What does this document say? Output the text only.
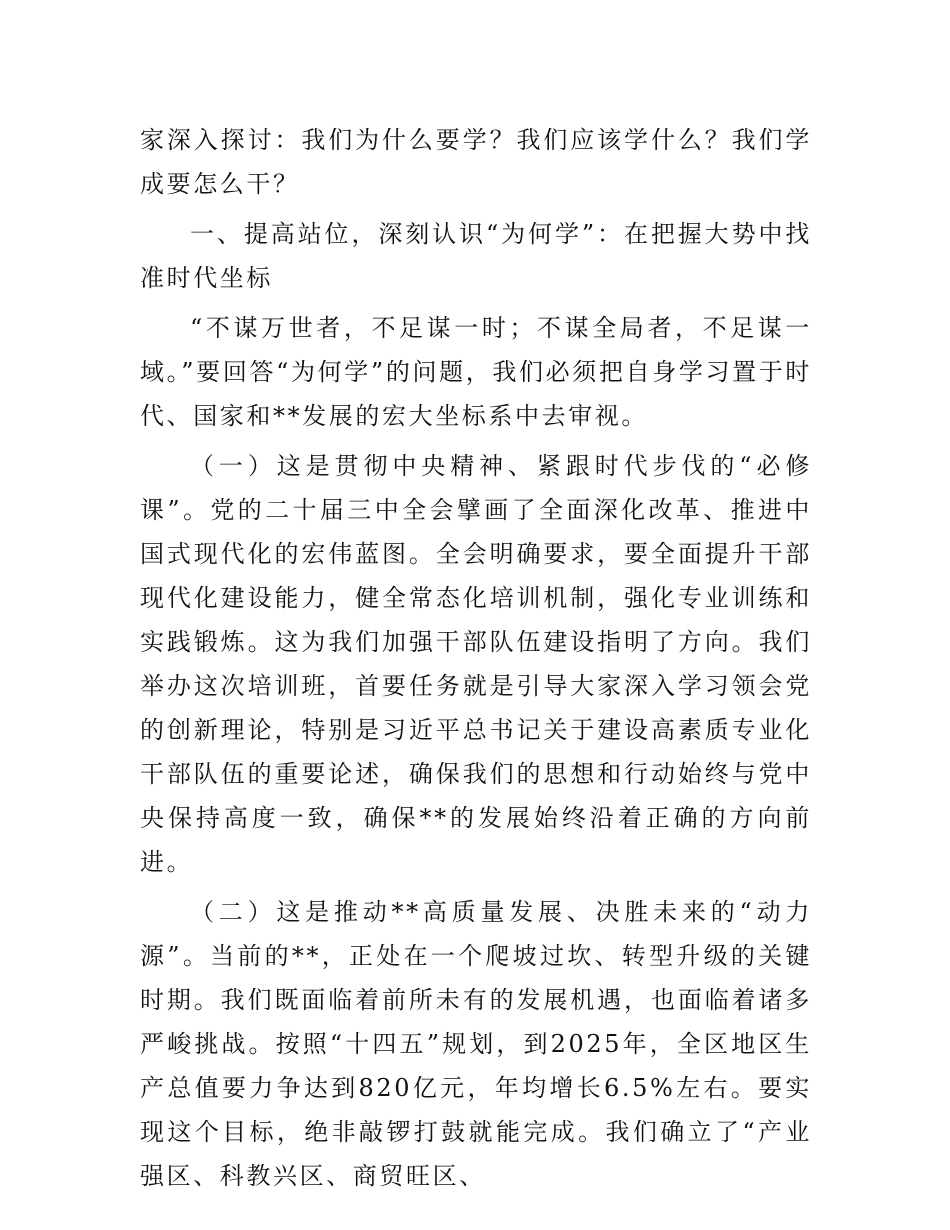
家深入探讨：我们为什么要学？我们应该学什么？我们学成要怎么干？

一、提高站位，深刻认识“为何学”：在把握大势中找准时代坐标

“不谋万世者，不足谋一时；不谋全局者，不足谋一域。”要回答“为何学”的问题，我们必须把自身学习置于时代、国家和**发展的宏大坐标系中去审视。

（一）这是贯彻中央精神、紧跟时代步伐的“必修课”。党的二十届三中全会擘画了全面深化改革、推进中国式现代化的宏伟蓝图。全会明确要求，要全面提升干部现代化建设能力，健全常态化培训机制，强化专业训练和实践锻炼。这为我们加强干部队伍建设指明了方向。我们举办这次培训班，首要任务就是引导大家深入学习领会党的创新理论，特别是习近平总书记关于建设高素质专业化干部队伍的重要论述，确保我们的思想和行动始终与党中央保持高度一致，确保**的发展始终沿着正确的方向前进。

（二）这是推动**高质量发展、决胜未来的“动力源”。当前的**，正处在一个爬坡过坎、转型升级的关键时期。我们既面临着前所未有的发展机遇，也面临着诸多严峻挑战。按照“十四五”规划，到2025年，全区地区生产总值要力争达到820亿元，年均增长6.5%左右。要实现这个目标，绝非敲锣打鼓就能完成。我们确立了“产业强区、科教兴区、商贸旺区、
